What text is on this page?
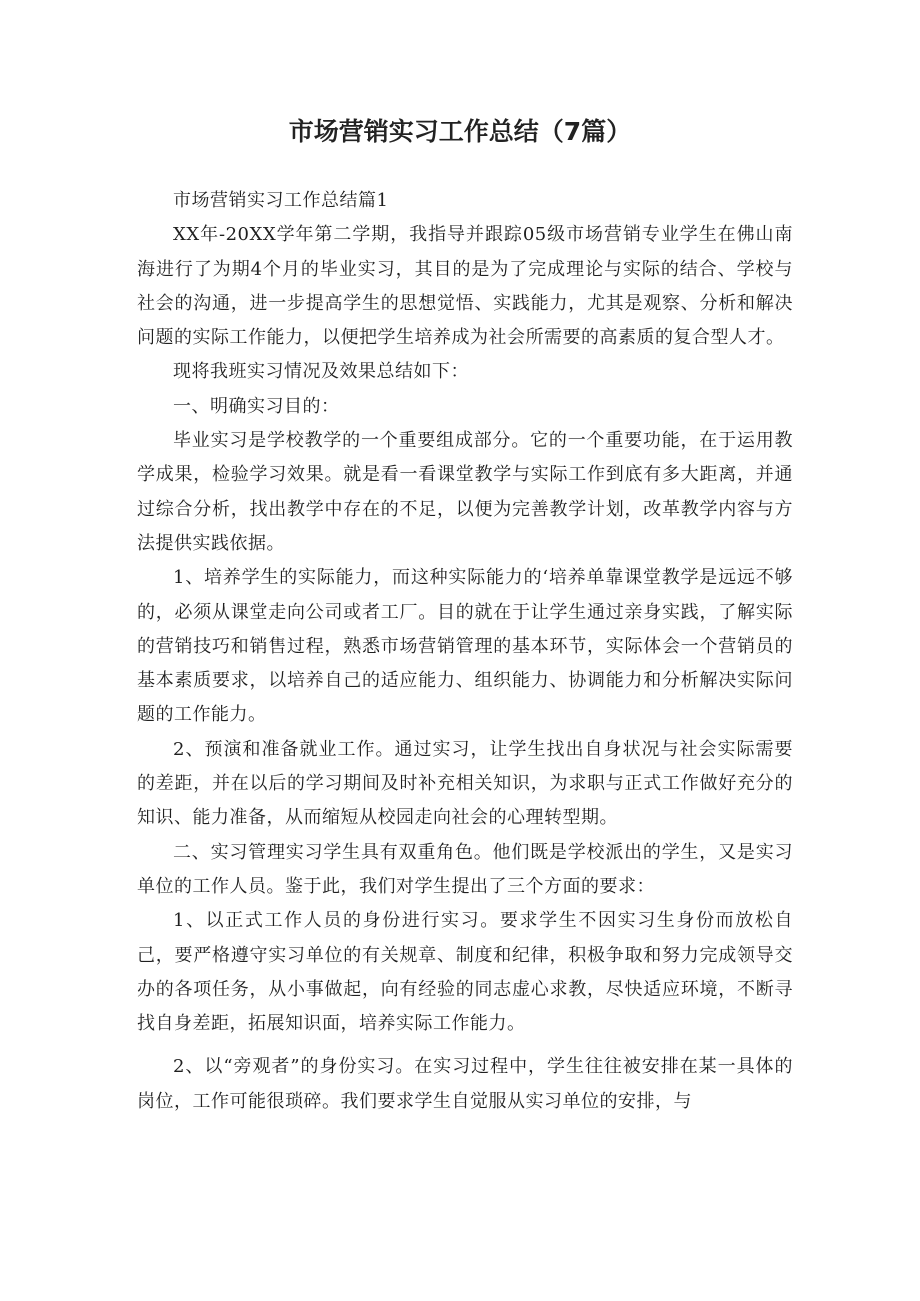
市场营销实习工作总结（7篇）

市场营销实习工作总结篇1

XX年-20XX学年第二学期，我指导并跟踪05级市场营销专业学生在佛山南海进行了为期4个月的毕业实习，其目的是为了完成理论与实际的结合、学校与社会的沟通，进一步提高学生的思想觉悟、实践能力，尤其是观察、分析和解决问题的实际工作能力，以便把学生培养成为社会所需要的高素质的复合型人才。

现将我班实习情况及效果总结如下：

一、明确实习目的：

毕业实习是学校教学的一个重要组成部分。它的一个重要功能，在于运用教学成果，检验学习效果。就是看一看课堂教学与实际工作到底有多大距离，并通过综合分析，找出教学中存在的不足，以便为完善教学计划，改革教学内容与方法提供实践依据。

1、培养学生的实际能力，而这种实际能力的‘培养单靠课堂教学是远远不够的，必须从课堂走向公司或者工厂。目的就在于让学生通过亲身实践，了解实际的营销技巧和销售过程，熟悉市场营销管理的基本环节，实际体会一个营销员的基本素质要求，以培养自己的适应能力、组织能力、协调能力和分析解决实际问题的工作能力。

2、预演和准备就业工作。通过实习，让学生找出自身状况与社会实际需要的差距，并在以后的学习期间及时补充相关知识，为求职与正式工作做好充分的知识、能力准备，从而缩短从校园走向社会的心理转型期。

二、实习管理实习学生具有双重角色。他们既是学校派出的学生，又是实习单位的工作人员。鉴于此，我们对学生提出了三个方面的要求：

1、以正式工作人员的身份进行实习。要求学生不因实习生身份而放松自己，要严格遵守实习单位的有关规章、制度和纪律，积极争取和努力完成领导交办的各项任务，从小事做起，向有经验的同志虚心求教，尽快适应环境，不断寻找自身差距，拓展知识面，培养实际工作能力。

2、以“旁观者”的身份实习。在实习过程中，学生往往被安排在某一具体的岗位，工作可能很琐碎。我们要求学生自觉服从实习单位的安排，与
